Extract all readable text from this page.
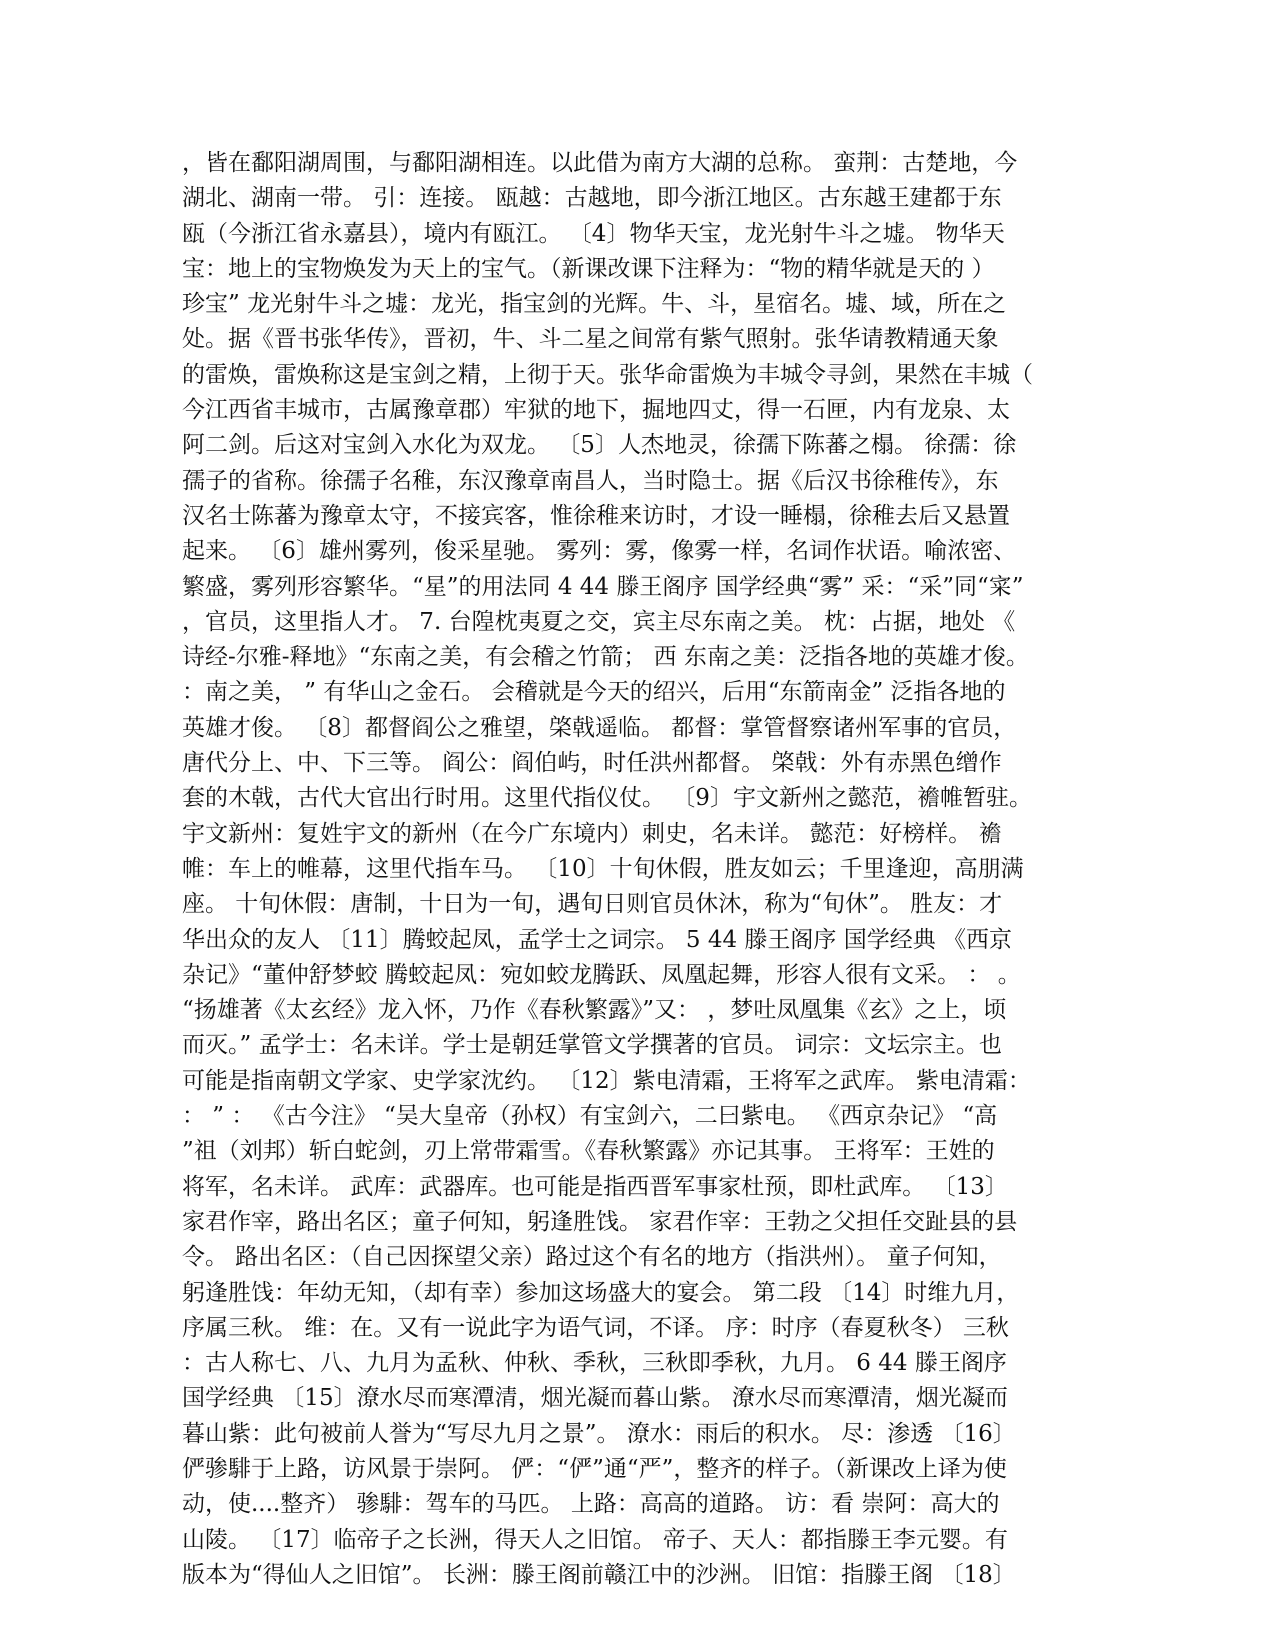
，皆在鄱阳湖周围，与鄱阳湖相连。以此借为南方大湖的总称。 蛮荆：古楚地，今
湖北、湖南一带。 引：连接。 瓯越：古越地，即今浙江地区。古东越王建都于东
瓯（今浙江省永嘉县），境内有瓯江。 〔4〕物华天宝，龙光射牛斗之墟。 物华天
宝：地上的宝物焕发为天上的宝气。（新课改课下注释为：“物的精华就是天的 ）
珍宝” 龙光射牛斗之墟：龙光，指宝剑的光辉。牛、斗，星宿名。墟、域，所在之
处。据《晋书张华传》，晋初，牛、斗二星之间常有紫气照射。张华请教精通天象
的雷焕，雷焕称这是宝剑之精，上彻于天。张华命雷焕为丰城令寻剑，果然在丰城（
今江西省丰城市，古属豫章郡）牢狱的地下，掘地四丈，得一石匣，内有龙泉、太
阿二剑。后这对宝剑入水化为双龙。 〔5〕人杰地灵，徐孺下陈蕃之榻。 徐孺：徐
孺子的省称。徐孺子名稚，东汉豫章南昌人，当时隐士。据《后汉书徐稚传》，东
汉名士陈蕃为豫章太守，不接宾客，惟徐稚来访时，才设一睡榻，徐稚去后又悬置
起来。 〔6〕雄州雾列，俊采星驰。 雾列：雾，像雾一样，名词作状语。喻浓密、
繁盛，雾列形容繁华。“星”的用法同 4 44 滕王阁序 国学经典“雾” 采：“采”同“寀”
，官员，这里指人才。 7. 台隍枕夷夏之交，宾主尽东南之美。 枕：占据，地处 《
诗经-尔雅-释地》“东南之美，有会稽之竹箭； 西 东南之美：泛指各地的英雄才俊。
：南之美， ” 有华山之金石。 会稽就是今天的绍兴，后用“东箭南金” 泛指各地的
英雄才俊。 〔8〕都督阎公之雅望，棨戟遥临。 都督：掌管督察诸州军事的官员，
唐代分上、中、下三等。 阎公：阎伯屿，时任洪州都督。 棨戟：外有赤黑色缯作
套的木戟，古代大官出行时用。这里代指仪仗。 〔9〕宇文新州之懿范，襜帷暂驻。
宇文新州：复姓宇文的新州（在今广东境内）刺史，名未详。 懿范：好榜样。 襜
帷：车上的帷幕，这里代指车马。 〔10〕十旬休假，胜友如云；千里逢迎，高朋满
座。 十旬休假：唐制，十日为一旬，遇旬日则官员休沐，称为“旬休”。 胜友：才
华出众的友人 〔11〕腾蛟起凤，孟学士之词宗。 5 44 滕王阁序 国学经典 《西京
杂记》“董仲舒梦蛟 腾蛟起凤：宛如蛟龙腾跃、凤凰起舞，形容人很有文采。 ： 。
“扬雄著《太玄经》龙入怀，乃作《春秋繁露》”又： ，梦吐凤凰集《玄》之上，顷
而灭。” 孟学士：名未详。学士是朝廷掌管文学撰著的官员。 词宗：文坛宗主。也
可能是指南朝文学家、史学家沈约。 〔12〕紫电清霜，王将军之武库。 紫电清霜：
： ” ： 《古今注》 “吴大皇帝（孙权）有宝剑六，二曰紫电。 《西京杂记》 “高
”祖（刘邦）斩白蛇剑，刃上常带霜雪。《春秋繁露》亦记其事。 王将军：王姓的
将军，名未详。 武库：武器库。也可能是指西晋军事家杜预，即杜武库。 〔13〕
家君作宰，路出名区；童子何知，躬逢胜饯。 家君作宰：王勃之父担任交趾县的县
令。 路出名区：（自己因探望父亲）路过这个有名的地方（指洪州）。 童子何知，
躬逢胜饯：年幼无知，（却有幸）参加这场盛大的宴会。 第二段 〔14〕时维九月，
序属三秋。 维：在。又有一说此字为语气词，不译。 序：时序（春夏秋冬） 三秋
：古人称七、八、九月为孟秋、仲秋、季秋，三秋即季秋，九月。 6 44 滕王阁序
国学经典 〔15〕潦水尽而寒潭清，烟光凝而暮山紫。 潦水尽而寒潭清，烟光凝而
暮山紫：此句被前人誉为“写尽九月之景”。 潦水：雨后的积水。 尽：渗透 〔16〕
俨骖騑于上路，访风景于崇阿。 俨：“俨”通“严”，整齐的样子。（新课改上译为使
动，使....整齐） 骖騑：驾车的马匹。 上路：高高的道路。 访：看 崇阿：高大的
山陵。 〔17〕临帝子之长洲，得天人之旧馆。 帝子、天人：都指滕王李元婴。有
版本为“得仙人之旧馆”。 长洲：滕王阁前赣江中的沙洲。 旧馆：指滕王阁 〔18〕
